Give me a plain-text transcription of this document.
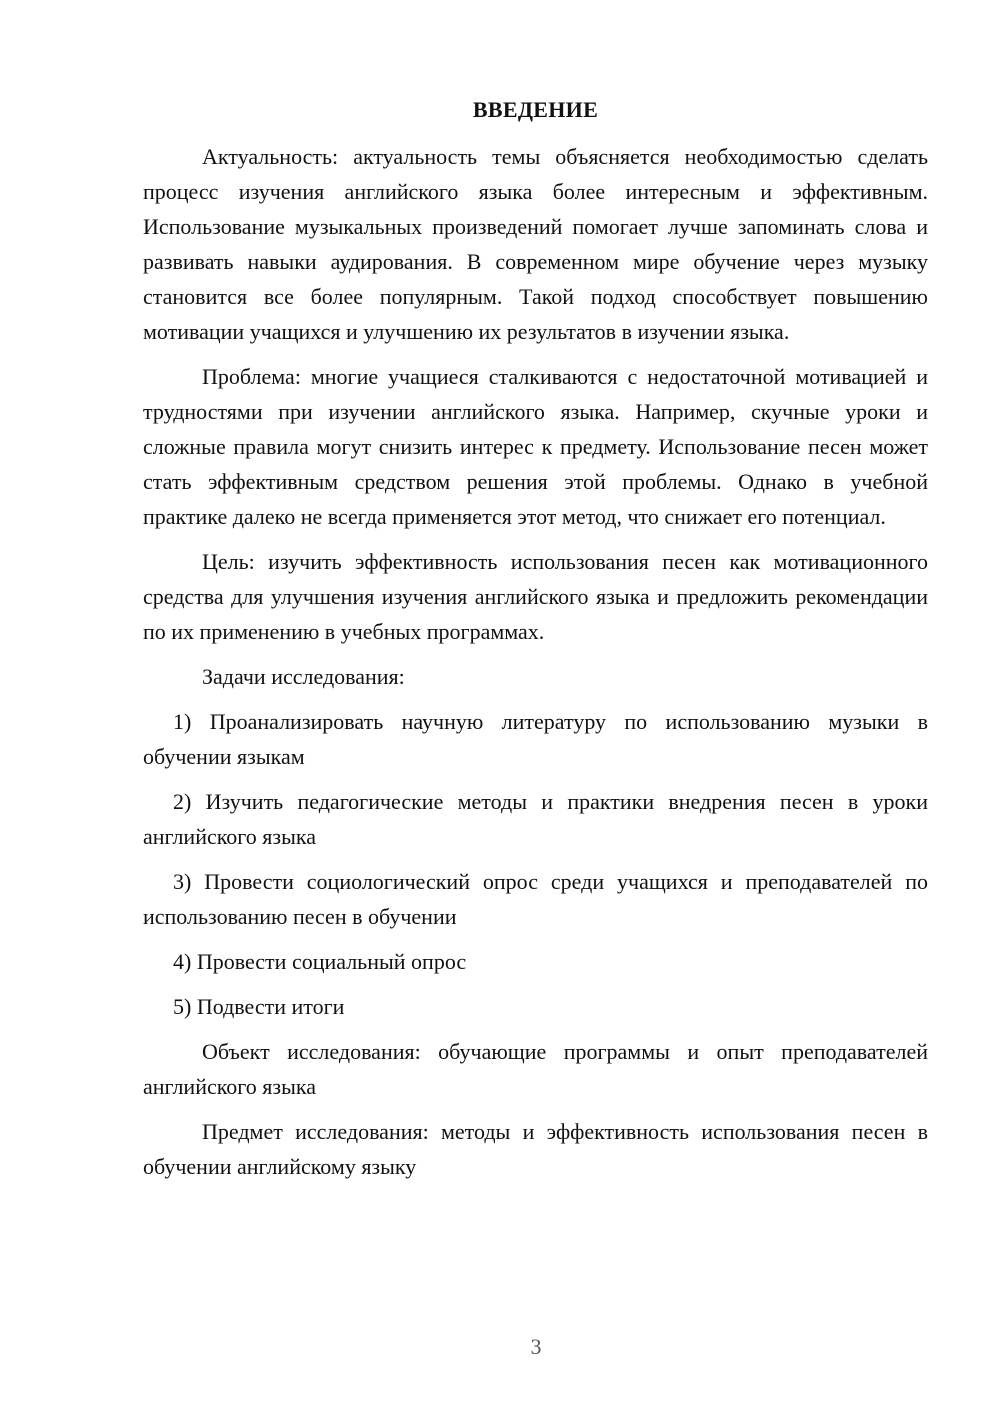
ВВЕДЕНИЕ

Актуальность: актуальность темы объясняется необходимостью сделать процесс изучения английского языка более интересным и эффективным. Использование музыкальных произведений помогает лучше запоминать слова и развивать навыки аудирования. В современном мире обучение через музыку становится все более популярным. Такой подход способствует повышению мотивации учащихся и улучшению их результатов в изучении языка.

Проблема: многие учащиеся сталкиваются с недостаточной мотивацией и трудностями при изучении английского языка. Например, скучные уроки и сложные правила могут снизить интерес к предмету. Использование песен может стать эффективным средством решения этой проблемы. Однако в учебной практике далеко не всегда применяется этот метод, что снижает его потенциал.

Цель: изучить эффективность использования песен как мотивационного средства для улучшения изучения английского языка и предложить рекомендации по их применению в учебных программах.

Задачи исследования:

1) Проанализировать научную литературу по использованию музыки в обучении языкам

2) Изучить педагогические методы и практики внедрения песен в уроки английского языка

3) Провести социологический опрос среди учащихся и преподавателей по использованию песен в обучении

4) Провести социальный опрос

5) Подвести итоги

Объект исследования: обучающие программы и опыт преподавателей английского языка

Предмет исследования: методы и эффективность использования песен в обучении английскому языку

3
